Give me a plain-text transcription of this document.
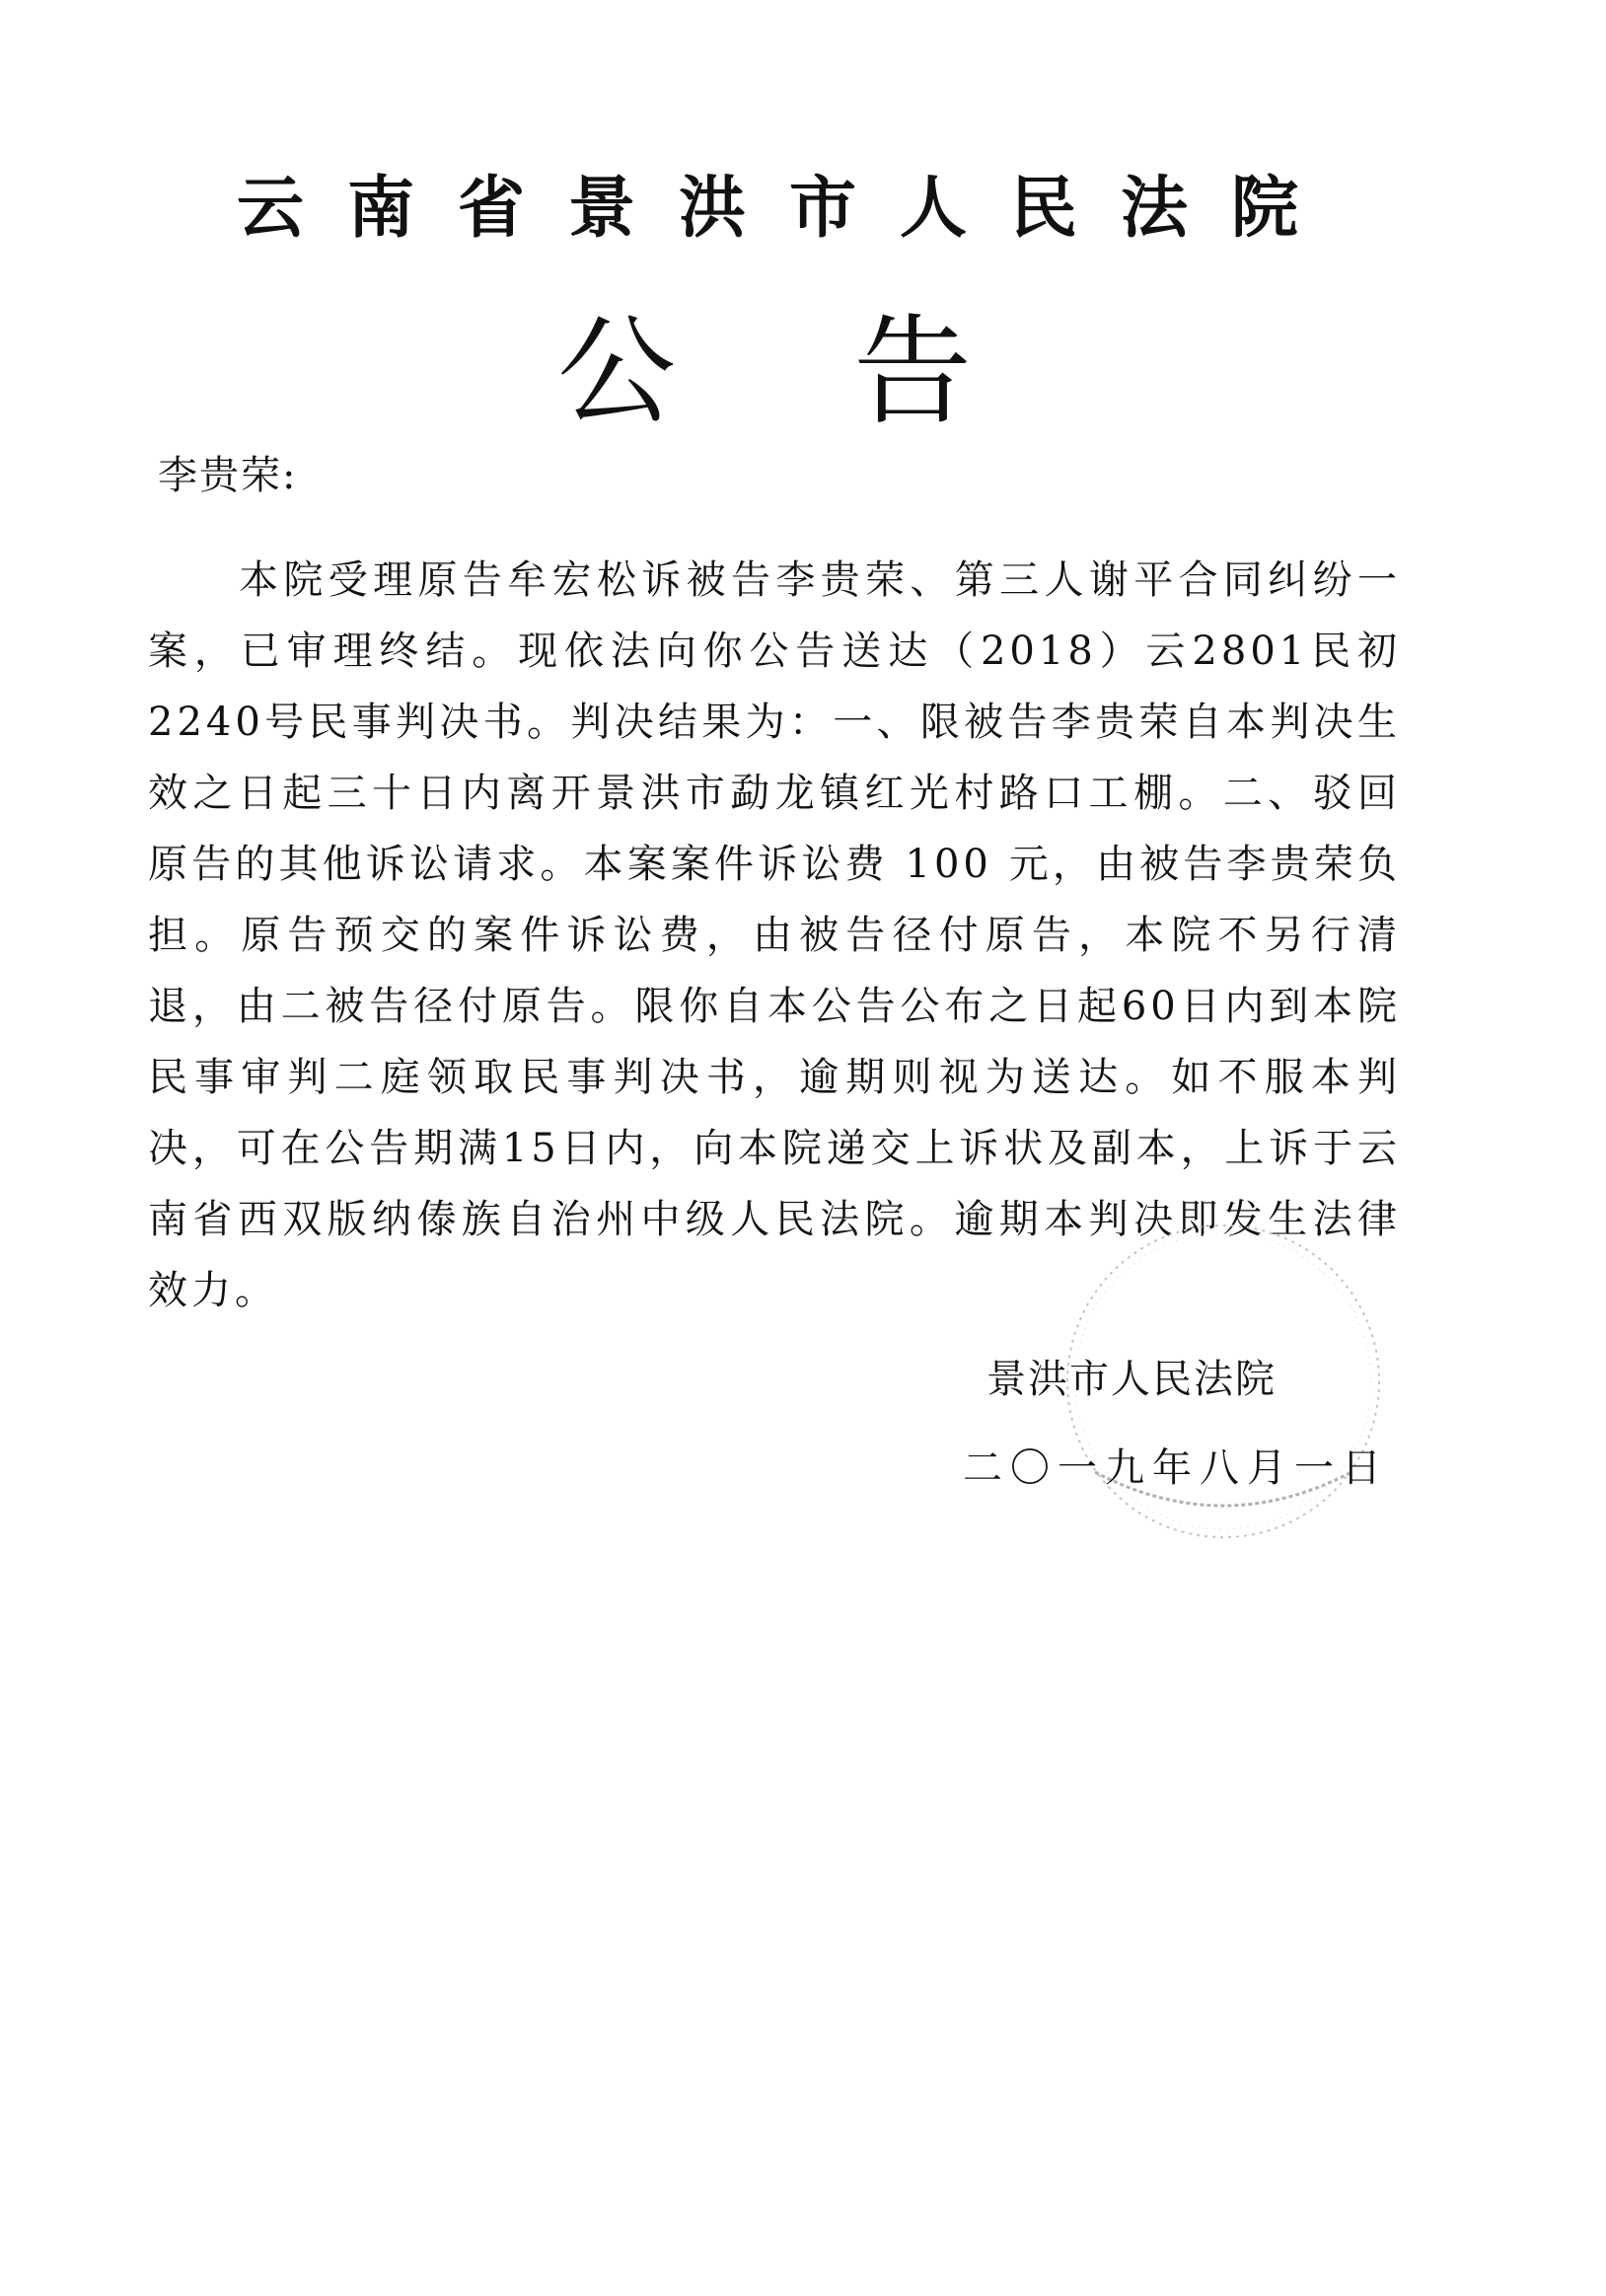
云南省景洪市人民法院
公告
李贵荣:

本院受理原告牟宏松诉被告李贵荣、第三人谢平合同纠纷一案，已审理终结。现依法向你公告送达（2018）云2801民初2240号民事判决书。判决结果为：一、限被告李贵荣自本判决生效之日起三十日内离开景洪市勐龙镇红光村路口工棚。二、驳回原告的其他诉讼请求。本案案件诉讼费 100 元，由被告李贵荣负担。原告预交的案件诉讼费，由被告径付原告，本院不另行清退，由二被告径付原告。限你自本公告公布之日起60日内到本院民事审判二庭领取民事判决书，逾期则视为送达。如不服本判决，可在公告期满15日内，向本院递交上诉状及副本，上诉于云南省西双版纳傣族自治州中级人民法院。逾期本判决即发生法律效力。

景洪市人民法院
二〇一九年八月一日
